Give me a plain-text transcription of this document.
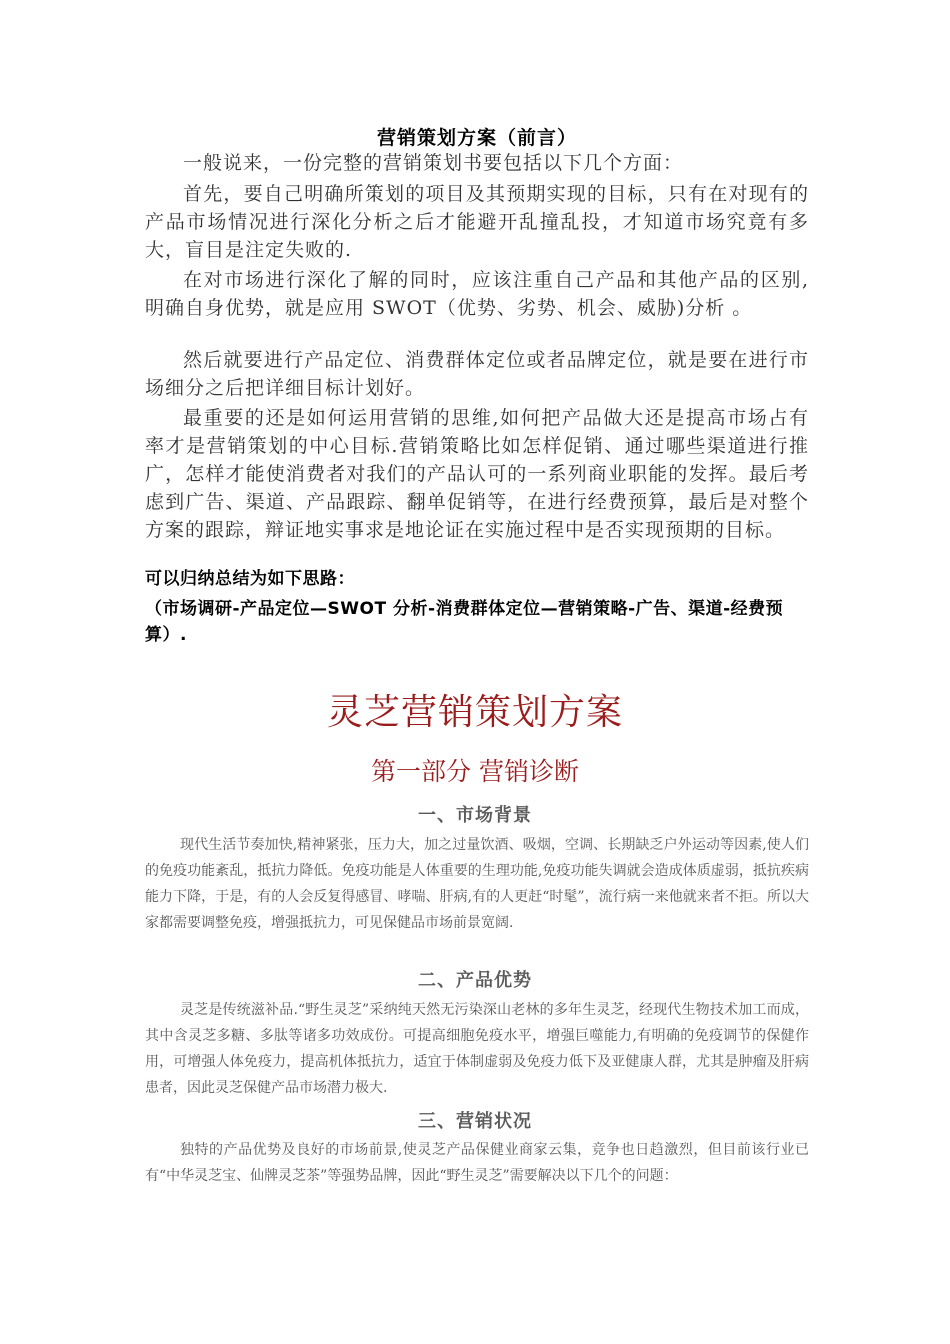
营销策划方案（前言）

一般说来，一份完整的营销策划书要包括以下几个方面：

首先，要自己明确所策划的项目及其预期实现的目标，只有在对现有的产品市场情况进行深化分析之后才能避开乱撞乱投，才知道市场究竟有多大，盲目是注定失败的.

在对市场进行深化了解的同时，应该注重自己产品和其他产品的区别,明确自身优势，就是应用 SWOT（优势、劣势、机会、威胁)分析 。

然后就要进行产品定位、消费群体定位或者品牌定位，就是要在进行市场细分之后把详细目标计划好。

最重要的还是如何运用营销的思维,如何把产品做大还是提高市场占有率才是营销策划的中心目标.营销策略比如怎样促销、通过哪些渠道进行推广，怎样才能使消费者对我们的产品认可的一系列商业职能的发挥。最后考虑到广告、渠道、产品跟踪、翻单促销等，在进行经费预算，最后是对整个方案的跟踪，辩证地实事求是地论证在实施过程中是否实现预期的目标。

可以归纳总结为如下思路：
（市场调研-产品定位—SWOT 分析-消费群体定位—营销策略-广告、渠道-经费预算）.
灵芝营销策划方案
第一部分 营销诊断
一、市场背景

现代生活节奏加快,精神紧张，压力大，加之过量饮酒、吸烟，空调、长期缺乏户外运动等因素,使人们的免疫功能紊乱，抵抗力降低。免疫功能是人体重要的生理功能,免疫功能失调就会造成体质虚弱，抵抗疾病能力下降，于是，有的人会反复得感冒、哮喘、肝病,有的人更赶“时髦”，流行病一来他就来者不拒。所以大家都需要调整免疫，增强抵抗力，可见保健品市场前景宽阔.

二、产品优势

灵芝是传统滋补品.“野生灵芝”采纳纯天然无污染深山老林的多年生灵芝，经现代生物技术加工而成，其中含灵芝多糖、多肽等诸多功效成份。可提高细胞免疫水平，增强巨噬能力,有明确的免疫调节的保健作用，可增强人体免疫力，提高机体抵抗力，适宜于体制虚弱及免疫力低下及亚健康人群，尤其是肿瘤及肝病患者，因此灵芝保健产品市场潜力极大.

三、营销状况

独特的产品优势及良好的市场前景,使灵芝产品保健业商家云集，竞争也日趋激烈，但目前该行业已有“中华灵芝宝、仙牌灵芝茶”等强势品牌，因此“野生灵芝”需要解决以下几个的问题：
